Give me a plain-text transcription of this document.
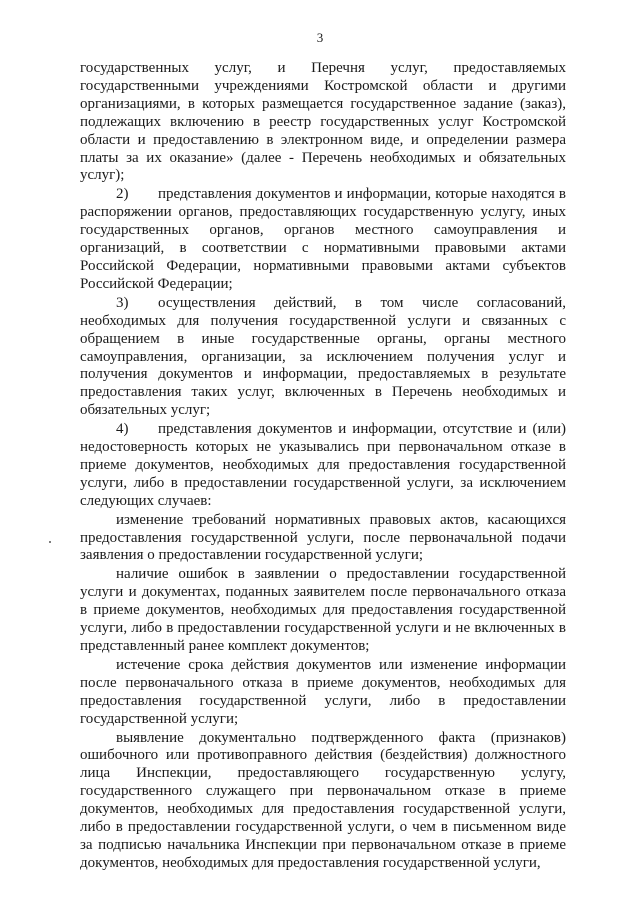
3

государственных услуг, и Перечня услуг, предоставляемых государственными учреждениями Костромской области и другими организациями, в которых размещается государственное задание (заказ), подлежащих включению в реестр государственных услуг Костромской области и предоставлению в электронном виде, и определении размера платы за их оказание» (далее - Перечень необходимых и обязательных услуг);

2) представления документов и информации, которые находятся в распоряжении органов, предоставляющих государственную услугу, иных государственных органов, органов местного самоуправления и организаций, в соответствии с нормативными правовыми актами Российской Федерации, нормативными правовыми актами субъектов Российской Федерации;

3) осуществления действий, в том числе согласований, необходимых для получения государственной услуги и связанных с обращением в иные государственные органы, органы местного самоуправления, организации, за исключением получения услуг и получения документов и информации, предоставляемых в результате предоставления таких услуг, включенных в Перечень необходимых и обязательных услуг;

4) представления документов и информации, отсутствие и (или) недостоверность которых не указывались при первоначальном отказе в приеме документов, необходимых для предоставления государственной услуги, либо в предоставлении государственной услуги, за исключением следующих случаев:

изменение требований нормативных правовых актов, касающихся предоставления государственной услуги, после первоначальной подачи заявления о предоставлении государственной услуги;

наличие ошибок в заявлении о предоставлении государственной услуги и документах, поданных заявителем после первоначального отказа в приеме документов, необходимых для предоставления государственной услуги, либо в предоставлении государственной услуги и не включенных в представленный ранее комплект документов;

истечение срока действия документов или изменение информации после первоначального отказа в приеме документов, необходимых для предоставления государственной услуги, либо в предоставлении государственной услуги;

выявление документально подтвержденного факта (признаков) ошибочного или противоправного действия (бездействия) должностного лица Инспекции, предоставляющего государственную услугу, государственного служащего при первоначальном отказе в приеме документов, необходимых для предоставления государственной услуги, либо в предоставлении государственной услуги, о чем в письменном виде за подписью начальника Инспекции при первоначальном отказе в приеме документов, необходимых для предоставления государственной услуги,
